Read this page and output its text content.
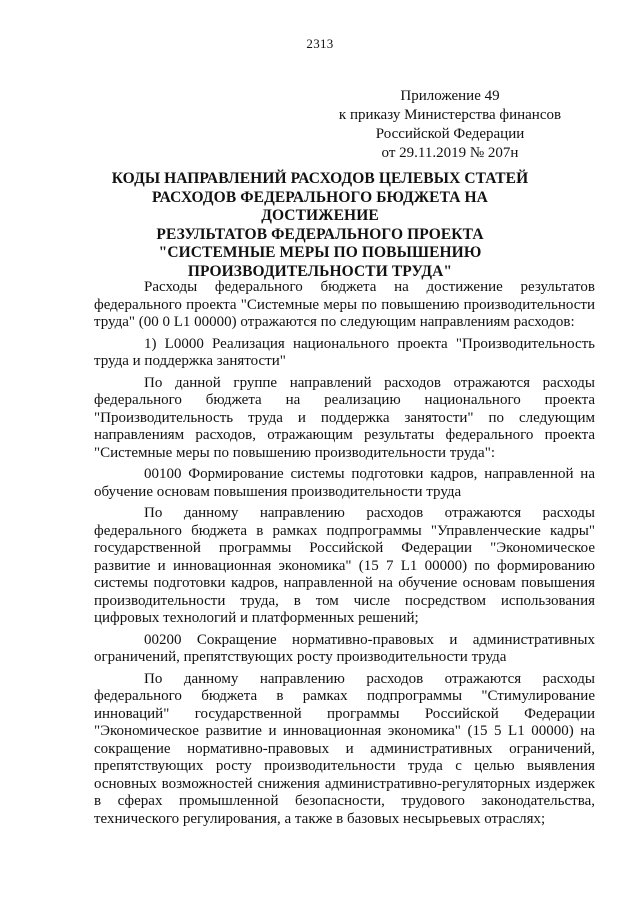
2313
Приложение 49
к приказу Министерства финансов
Российской Федерации
от 29.11.2019 № 207н
КОДЫ НАПРАВЛЕНИЙ РАСХОДОВ ЦЕЛЕВЫХ СТАТЕЙ
РАСХОДОВ ФЕДЕРАЛЬНОГО БЮДЖЕТА НА ДОСТИЖЕНИЕ
РЕЗУЛЬТАТОВ ФЕДЕРАЛЬНОГО ПРОЕКТА
"СИСТЕМНЫЕ МЕРЫ ПО ПОВЫШЕНИЮ
ПРОИЗВОДИТЕЛЬНОСТИ ТРУДА"

Расходы федерального бюджета на достижение результатов федерального проекта "Системные меры по повышению производительности труда" (00 0 L1 00000) отражаются по следующим направлениям расходов:

1) L0000 Реализация национального проекта "Производительность труда и поддержка занятости"

По данной группе направлений расходов отражаются расходы федерального бюджета на реализацию национального проекта "Производительность труда и поддержка занятости" по следующим направлениям расходов, отражающим результаты федерального проекта "Системные меры по повышению производительности труда":

00100 Формирование системы подготовки кадров, направленной на обучение основам повышения производительности труда

По данному направлению расходов отражаются расходы федерального бюджета в рамках подпрограммы "Управленческие кадры" государственной программы Российской Федерации "Экономическое развитие и инновационная экономика" (15 7 L1 00000) по формированию системы подготовки кадров, направленной на обучение основам повышения производительности труда, в том числе посредством использования цифровых технологий и платформенных решений;

00200 Сокращение нормативно-правовых и административных ограничений, препятствующих росту производительности труда

По данному направлению расходов отражаются расходы федерального бюджета в рамках подпрограммы "Стимулирование инноваций" государственной программы Российской Федерации "Экономическое развитие и инновационная экономика" (15 5 L1 00000) на сокращение нормативно-правовых и административных ограничений, препятствующих росту производительности труда с целью выявления основных возможностей снижения административно-регуляторных издержек в сферах промышленной безопасности, трудового законодательства, технического регулирования, а также в базовых несырьевых отраслях;
